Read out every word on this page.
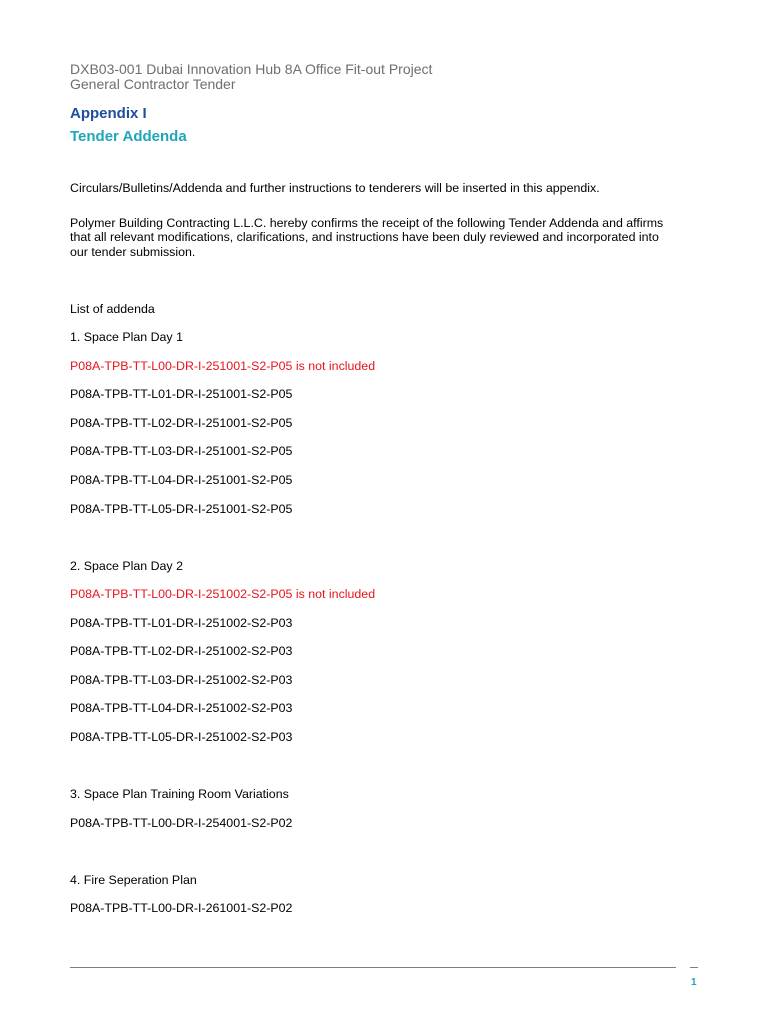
DXB03-001 Dubai Innovation Hub 8A Office Fit-out Project
General Contractor Tender
Appendix I
Tender Addenda
Circulars/Bulletins/Addenda and further instructions to tenderers will be inserted in this appendix.
Polymer Building Contracting L.L.C. hereby confirms the receipt of the following Tender Addenda and affirms
that all relevant modifications, clarifications, and instructions have been duly reviewed and incorporated into
our tender submission.
List of addenda
1. Space Plan Day 1
P08A-TPB-TT-L00-DR-I-251001-S2-P05 is not included
P08A-TPB-TT-L01-DR-I-251001-S2-P05
P08A-TPB-TT-L02-DR-I-251001-S2-P05
P08A-TPB-TT-L03-DR-I-251001-S2-P05
P08A-TPB-TT-L04-DR-I-251001-S2-P05
P08A-TPB-TT-L05-DR-I-251001-S2-P05
2. Space Plan Day 2
P08A-TPB-TT-L00-DR-I-251002-S2-P05 is not included
P08A-TPB-TT-L01-DR-I-251002-S2-P03
P08A-TPB-TT-L02-DR-I-251002-S2-P03
P08A-TPB-TT-L03-DR-I-251002-S2-P03
P08A-TPB-TT-L04-DR-I-251002-S2-P03
P08A-TPB-TT-L05-DR-I-251002-S2-P03
3. Space Plan Training Room Variations
P08A-TPB-TT-L00-DR-I-254001-S2-P02
4. Fire Seperation Plan
P08A-TPB-TT-L00-DR-I-261001-S2-P02
1
